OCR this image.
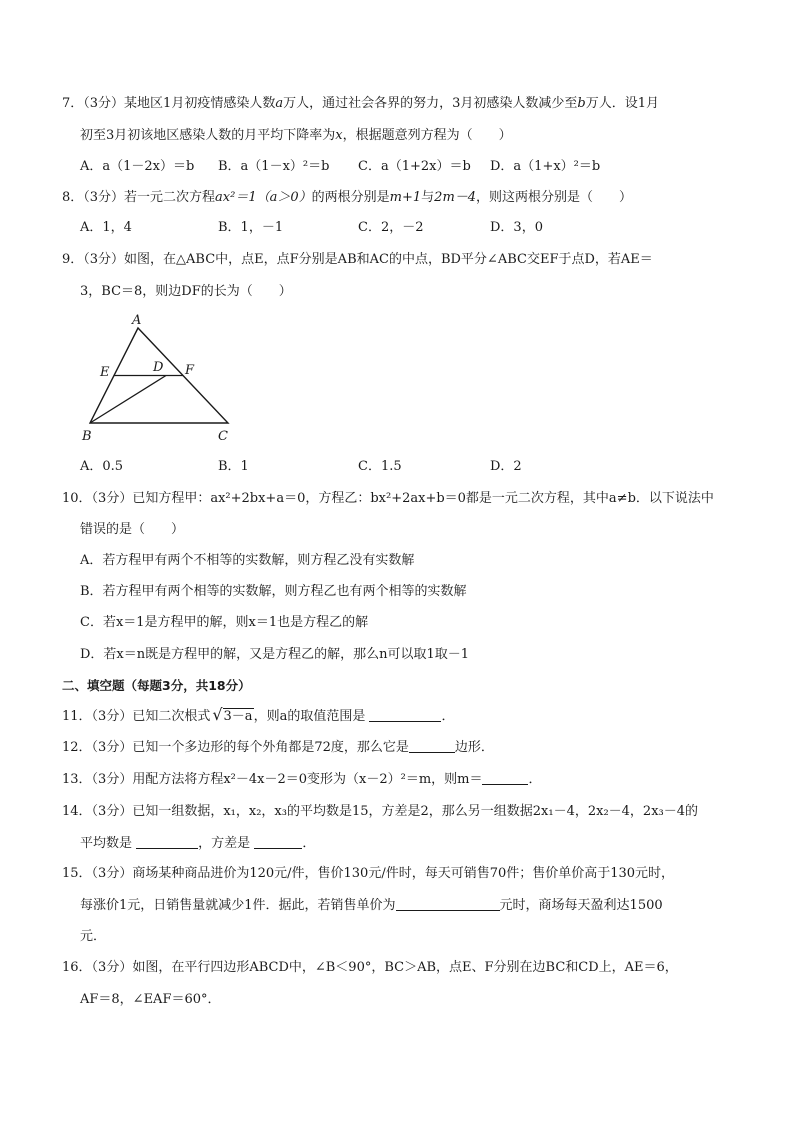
7．（3分）某地区1月初疫情感染人数a万人，通过社会各界的努力，3月初感染人数减少至b万人．设1月
初至3月初该地区感染人数的月平均下降率为x，根据题意列方程为（　　）
A．a（1－2x）＝b B．a（1－x）²＝b C．a（1+2x）＝b D．a（1+x）²＝b
8．（3分）若一元二次方程ax²＝1（a＞0）的两根分别是m+1与2m－4，则这两根分别是（　　）
A．1，4	B．1，－1	C．2，－2	D．3，0
9．（3分）如图，在△ABC中，点E，点F分别是AB和AC的中点，BD平分∠ABC交EF于点D，若AE＝
3，BC＝8，则边DF的长为（　　）
A
E	D F
B	C
A．0.5	B．1	C．1.5	D．2
10．（3分）已知方程甲：ax²+2bx+a＝0，方程乙：bx²+2ax+b＝0都是一元二次方程，其中a≠b．以下说法中
错误的是（　　）
A．若方程甲有两个不相等的实数解，则方程乙没有实数解
B．若方程甲有两个相等的实数解，则方程乙也有两个相等的实数解
C．若x＝1是方程甲的解，则x＝1也是方程乙的解
D．若x＝n既是方程甲的解，又是方程乙的解，那么n可以取1取－1
二、填空题（每题3分，共18分）
11．（3分）已知二次根式 √3－a，则a的取值范围是	．
12．（3分）已知一个多边形的每个外角都是72度，那么它是	边形．
13．（3分）用配方法将方程x²－4x－2＝0变形为（x－2）²＝m，则m＝	．
14．（3分）已知一组数据，x₁，x₂，x₃的平均数是15，方差是2，那么另一组数据2x₁－4，2x₂－4，2x₃－4的
平均数是	，方差是	．
15．（3分）商场某种商品进价为120元/件，售价130元/件时，每天可销售70件；售价单价高于130元时，
每涨价1元，日销售量就减少1件．据此，若销售单价为	元时，商场每天盈利达1500
元．
16．（3分）如图，在平行四边形ABCD中，∠B＜90°，BC＞AB，点E、F分别在边BC和CD上，AE＝6，
AF＝8，∠EAF＝60°．
